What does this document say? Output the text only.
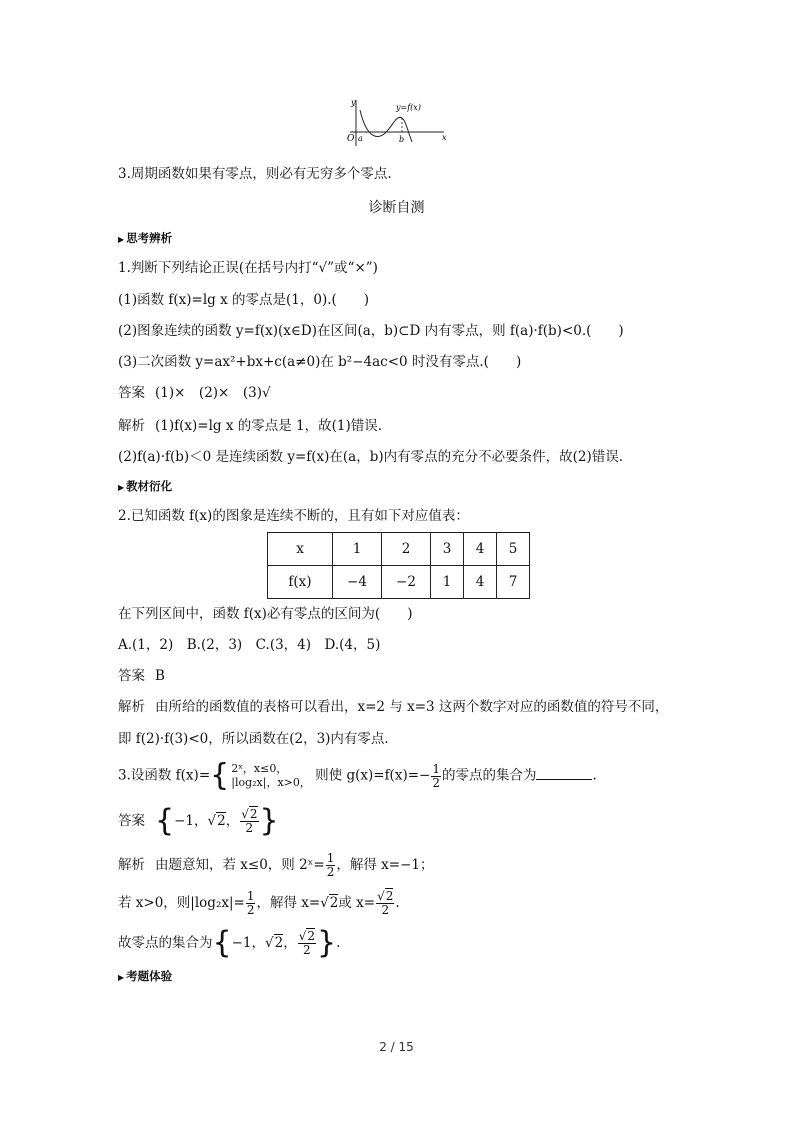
y
y=f(x)
O a	b	x
3.周期函数如果有零点，则必有无穷多个零点.
诊断自测
▶ 思考辨析
1.判断下列结论正误(在括号内打“√”或“×”)
(1)函数 f(x)=lg x 的零点是(1，0).(　　)
(2)图象连续的函数 y=f(x)(x∈D)在区间(a，b)⊂D 内有零点，则 f(a)·f(b)<0.(　　)
(3)二次函数 y=ax²+bx+c(a≠0)在 b²−4ac<0 时没有零点.(　　)
答案 (1)×　(2)×　(3)√
解析 (1)f(x)=lg x 的零点是 1，故(1)错误.
(2)f(a)·f(b)＜0 是连续函数 y=f(x)在(a，b)内有零点的充分不必要条件，故(2)错误.
▶ 教材衍化
2.已知函数 f(x)的图象是连续不断的，且有如下对应值表：
x	1	2	3	4	5
f(x)	−4	−2	1	4	7
在下列区间中，函数 f(x)必有零点的区间为(　　)
A.(1，2)　B.(2，3)　C.(3，4)　D.(4，5)
答案 B
解析 由所给的函数值的表格可以看出，x=2 与 x=3 这两个数字对应的函数值的符号不同，
即 f(2)·f(3)<0，所以函数在(2，3)内有零点.
3.设函数 f(x)={ 2ˣ，x≤0，
|log₂x|，x>0， 则使 $g(x)=f(x)=- \frac{1}{2}$ 的零点的集合为	.
答案 {−1，√2， $\frac{√2}{2}$ }
解析 由题意知，若 x≤0，则 2ˣ= $\frac{1}{2}$ ，解得 x=−1；
若 x>0，则$|\log_2x|= \frac{1}{2}$ ，解得 x=√2或 $x= \frac{√2}{2}$ .
故零点的集合为{−1，√2， $\frac{√2}{2}$ }.
▶ 考题体验
2 / 15
